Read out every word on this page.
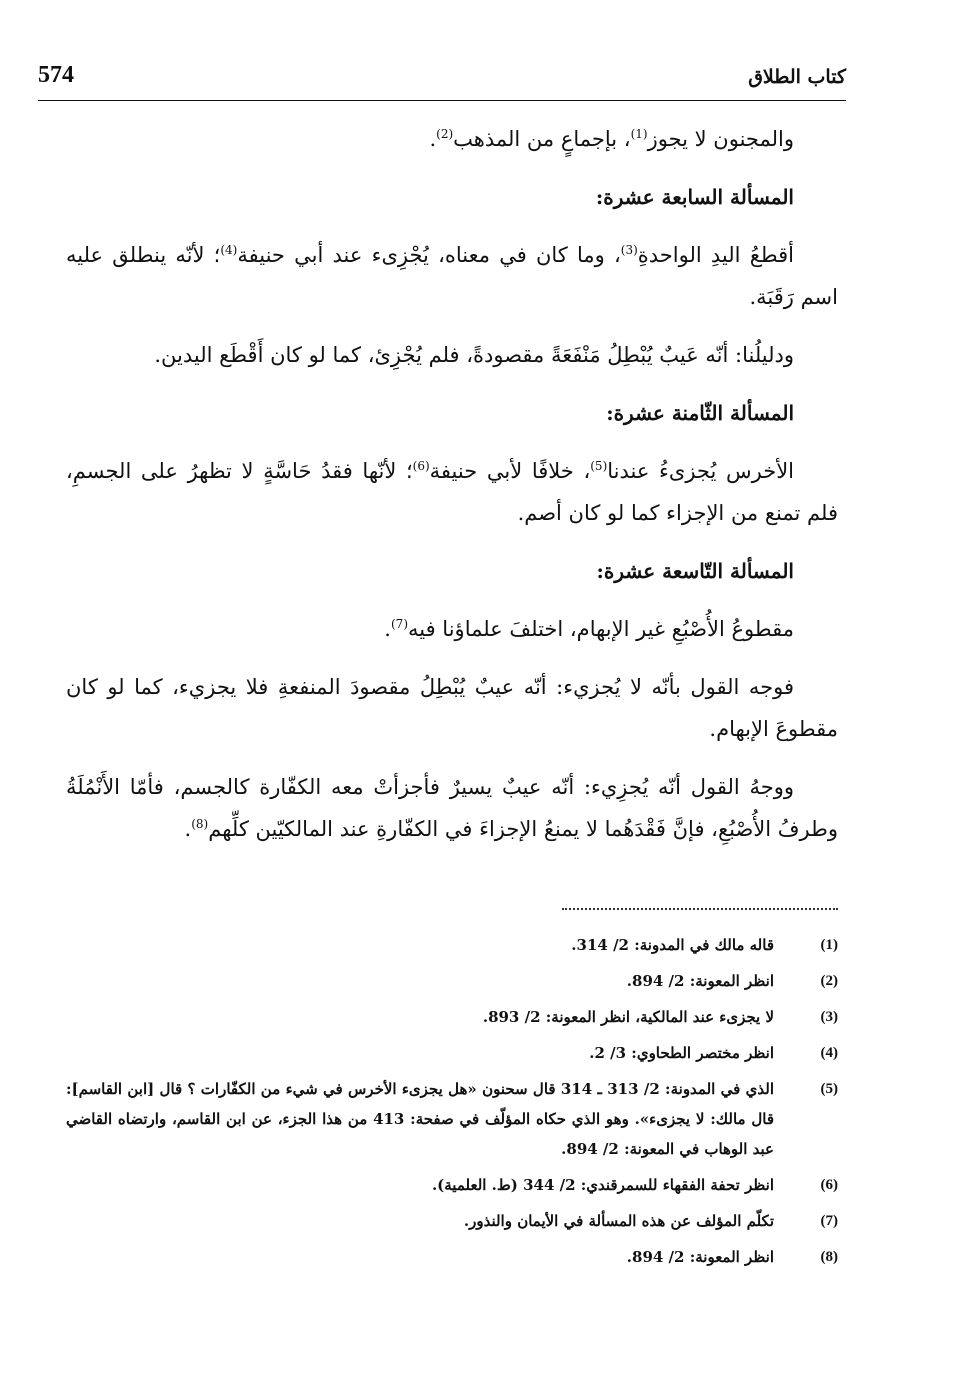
574	كتاب الطلاق

والمجنون لا يجوز$^{(1)}$، بإجماعٍ من المذهب$^{(2)}$.

المسألة السابعة عشرة:

أقطعُ اليدِ الواحدةِ$^{(3)}$، وما كان في معناه، يُجْزِىء عند أبي حنيفة$^{(4)}$؛ لأنّه ينطلق عليه اسم رَقَبَة.

ودليلُنا: أنّه عَيبٌ يُبْطِلُ مَنْفَعَةً مقصودةً، فلم يُجْزِئ، كما لو كان أَقْطَع اليدين.

المسألة الثّامنة عشرة:

الأخرس يُجزىءُ عندنا$^{(5)}$، خلافًا لأبي حنيفة$^{(6)}$؛ لأنّها فقدُ حَاسَّةٍ لا تظهرُ على الجسمِ، فلم تمنع من الإجزاء كما لو كان أصم.

المسألة التّاسعة عشرة:

مقطوعُ الأُصْبُعِ غير الإبهام، اختلفَ علماؤنا فيه$^{(7)}$.

فوجه القول بأنّه لا يُجزيء: أنّه عيبٌ يُبْطِلُ مقصودَ المنفعةِ فلا يجزيء، كما لو كان مقطوعَ الإبهام.

ووجهُ القول أنّه يُجزِيء: أنّه عيبٌ يسيرٌ فأجزأتْ معه الكفّارة كالجسم، فأمّا الأَنْمُلَةُ وطرفُ الأُصْبُعِ، فإنَّ فَقْدَهُما لا يمنعُ الإجزاءَ في الكفّارةِ عند المالكيّين كلِّهم$^{(8)}$.

(1)
قاله مالك في المدونة: 2/ 314.
(2)
انظر المعونة: 2/ 894.
(3)
لا يجزىء عند المالكية، انظر المعونة: 2/ 893.
(4)
انظر مختصر الطحاوي: 3/ 2.
(5)
الذي في المدونة: 2/ 313 ـ 314 قال سحنون «هل يجزىء الأخرس في شيء من الكفّارات ؟ قال [ابن القاسم]: قال مالك: لا يجزىء». وهو الذي حكاه المؤلّف في صفحة: 413 من هذا الجزء، عن ابن القاسم، وارتضاه القاضي عبد الوهاب في المعونة: 2/ 894.
(6)
انظر تحفة الفقهاء للسمرقندي: 2/ 344 (ط. العلمية).
(7)
تكلّم المؤلف عن هذه المسألة في الأيمان والنذور.
(8)
انظر المعونة: 2/ 894.
